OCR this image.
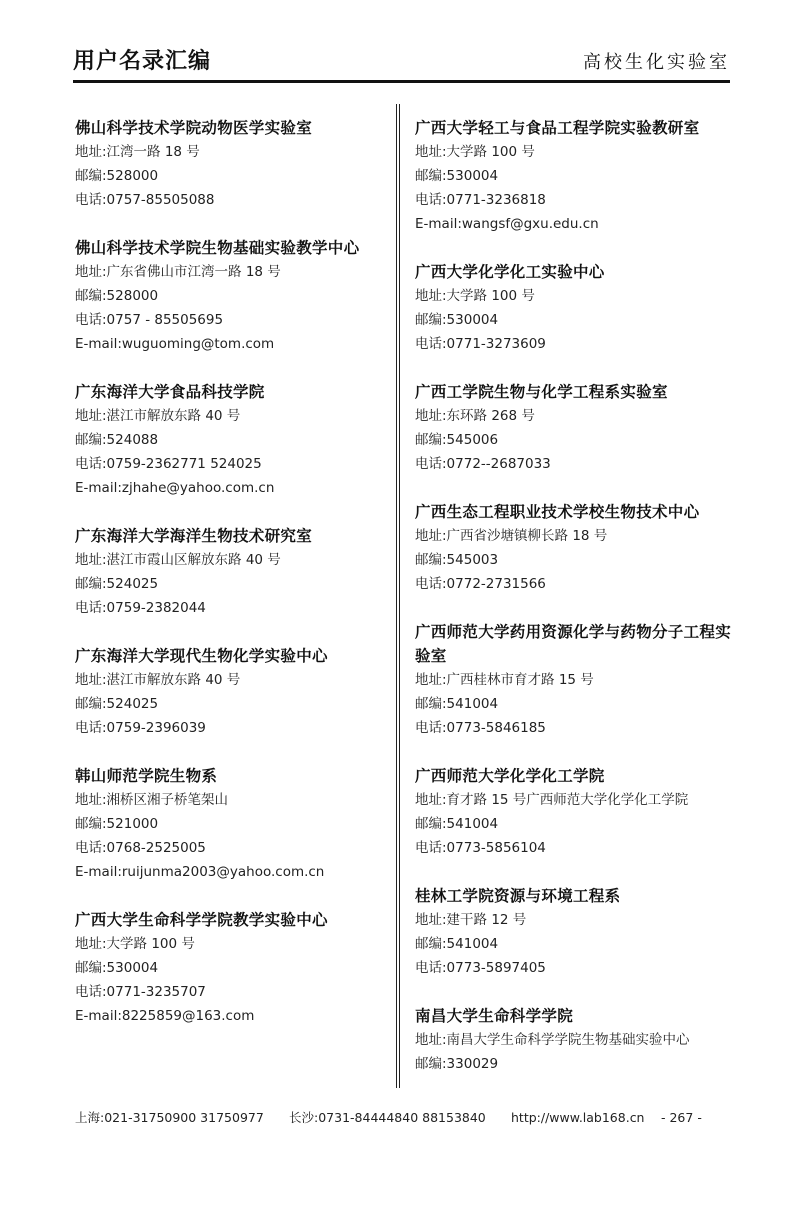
用户名录汇编	高校生化实验室
佛山科学技术学院动物医学实验室
地址:江湾一路 18 号
邮编:528000
电话:0757-85505088
佛山科学技术学院生物基础实验教学中心
地址:广东省佛山市江湾一路 18 号
邮编:528000
电话:0757 - 85505695
E-mail:wuguoming@tom.com
广东海洋大学食品科技学院
地址:湛江市解放东路 40 号
邮编:524088
电话:0759-2362771 524025
E-mail:zjhahe@yahoo.com.cn
广东海洋大学海洋生物技术研究室
地址:湛江市霞山区解放东路 40 号
邮编:524025
电话:0759-2382044
广东海洋大学现代生物化学实验中心
地址:湛江市解放东路 40 号
邮编:524025
电话:0759-2396039
韩山师范学院生物系
地址:湘桥区湘子桥笔架山
邮编:521000
电话:0768-2525005
E-mail:ruijunma2003@yahoo.com.cn
广西大学生命科学学院教学实验中心
地址:大学路 100 号
邮编:530004
电话:0771-3235707
E-mail:8225859@163.com
广西大学轻工与食品工程学院实验教研室
地址:大学路 100 号
邮编:530004
电话:0771-3236818
E-mail:wangsf@gxu.edu.cn
广西大学化学化工实验中心
地址:大学路 100 号
邮编:530004
电话:0771-3273609
广西工学院生物与化学工程系实验室
地址:东环路 268 号
邮编:545006
电话:0772--2687033
广西生态工程职业技术学校生物技术中心
地址:广西省沙塘镇柳长路 18 号
邮编:545003
电话:0772-2731566
广西师范大学药用资源化学与药物分子工程实验室
地址:广西桂林市育才路 15 号
邮编:541004
电话:0773-5846185
广西师范大学化学化工学院
地址:育才路 15 号广西师范大学化学化工学院
邮编:541004
电话:0773-5856104
桂林工学院资源与环境工程系
地址:建干路 12 号
邮编:541004
电话:0773-5897405
南昌大学生命科学学院
地址:南昌大学生命科学学院生物基础实验中心
邮编:330029
上海:021-31750900 31750977 长沙:0731-84444840 88153840 http://www.lab168.cn - 267 -
